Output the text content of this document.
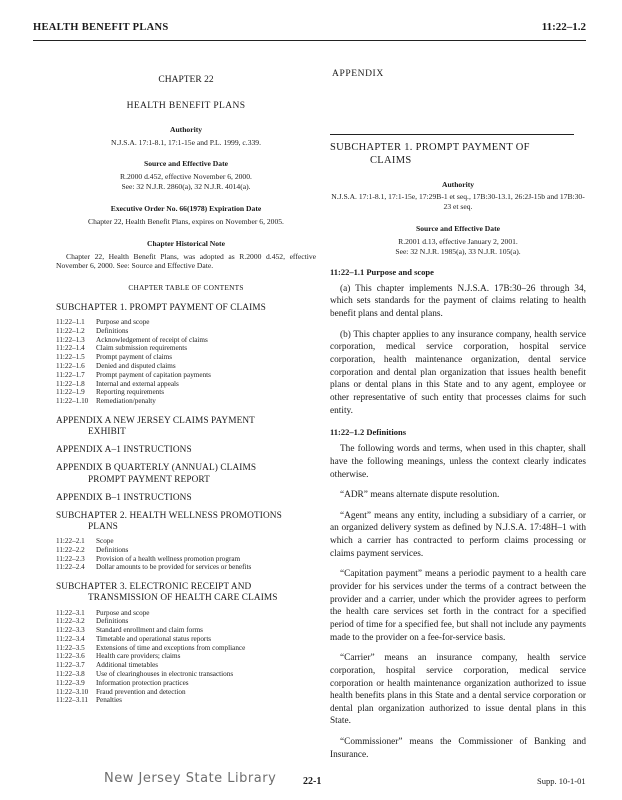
HEALTH BENEFIT PLANS	11:22–1.2
CHAPTER 22
HEALTH BENEFIT PLANS
Authority
N.J.S.A. 17:1-8.1, 17:1-15e and P.L. 1999, c.339.
Source and Effective Date
R.2000 d.452, effective November 6, 2000.
See: 32 N.J.R. 2860(a), 32 N.J.R. 4014(a).
Executive Order No. 66(1978) Expiration Date
Chapter 22, Health Benefit Plans, expires on November 6, 2005.
Chapter Historical Note
Chapter 22, Health Benefit Plans, was adopted as R.2000 d.452, effective November 6, 2000. See: Source and Effective Date.
CHAPTER TABLE OF CONTENTS
SUBCHAPTER 1. PROMPT PAYMENT OF CLAIMS
11:22–1.1	Purpose and scope
11:22–1.2	Definitions
11:22–1.3	Acknowledgement of receipt of claims
11:22–1.4	Claim submission requirements
11:22–1.5	Prompt payment of claims
11:22–1.6	Denied and disputed claims
11:22–1.7	Prompt payment of capitation payments
11:22–1.8	Internal and external appeals
11:22–1.9	Reporting requirements
11:22–1.10	Remediation/penalty
APPENDIX A NEW JERSEY CLAIMS PAYMENT
EXHIBIT
APPENDIX A–1 INSTRUCTIONS
APPENDIX B QUARTERLY (ANNUAL) CLAIMS
PROMPT PAYMENT REPORT
APPENDIX B–1 INSTRUCTIONS
SUBCHAPTER 2. HEALTH WELLNESS PROMOTIONS
PLANS
11:22–2.1	Scope
11:22–2.2	Definitions
11:22–2.3	Provision of a health wellness promotion program
11:22–2.4	Dollar amounts to be provided for services or benefits
SUBCHAPTER 3. ELECTRONIC RECEIPT AND
TRANSMISSION OF HEALTH CARE CLAIMS
11:22–3.1	Purpose and scope
11:22–3.2	Definitions
11:22–3.3	Standard enrollment and claim forms
11:22–3.4	Timetable and operational status reports
11:22–3.5	Extensions of time and exceptions from compliance
11:22–3.6	Health care providers; claims
11:22–3.7	Additional timetables
11:22–3.8	Use of clearinghouses in electronic transactions
11:22–3.9	Information protection practices
11:22–3.10	Fraud prevention and detection
11:22–3.11	Penalties
APPENDIX
SUBCHAPTER 1. PROMPT PAYMENT OF
CLAIMS
Authority
N.J.S.A. 17:1-8.1, 17:1-15e, 17:29B-1 et seq., 17B:30-13.1, 26:2J-15b and 17B:30-23 et seq.
Source and Effective Date
R.2001 d.13, effective January 2, 2001.
See: 32 N.J.R. 1985(a), 33 N.J.R. 105(a).
11:22–1.1 Purpose and scope

(a) This chapter implements N.J.S.A. 17B:30–26 through 34, which sets standards for the payment of claims relating to health benefit plans and dental plans.

(b) This chapter applies to any insurance company, health service corporation, medical service corporation, hospital service corporation, health maintenance organization, dental service corporation and dental plan organization that issues health benefit plans or dental plans in this State and to any agent, employee or other representative of such entity that processes claims for such entity.

11:22–1.2 Definitions

The following words and terms, when used in this chapter, shall have the following meanings, unless the context clearly indicates otherwise.

“ADR” means alternate dispute resolution.

“Agent” means any entity, including a subsidiary of a carrier, or an organized delivery system as defined by N.J.S.A. 17:48H–1 with which a carrier has contracted to perform claims processing or claims payment services.

“Capitation payment” means a periodic payment to a health care provider for his services under the terms of a contract between the provider and a carrier, under which the provider agrees to perform the health care services set forth in the contract for a specified period of time for a specified fee, but shall not include any payments made to the provider on a fee-for-service basis.

“Carrier” means an insurance company, health service corporation, hospital service corporation, medical service corporation or health maintenance organization authorized to issue health benefits plans in this State and a dental service corporation or dental plan organization authorized to issue dental plans in this State.

“Commissioner” means the Commissioner of Banking and Insurance.

New Jersey State Library	22-1	Supp. 10-1-01
